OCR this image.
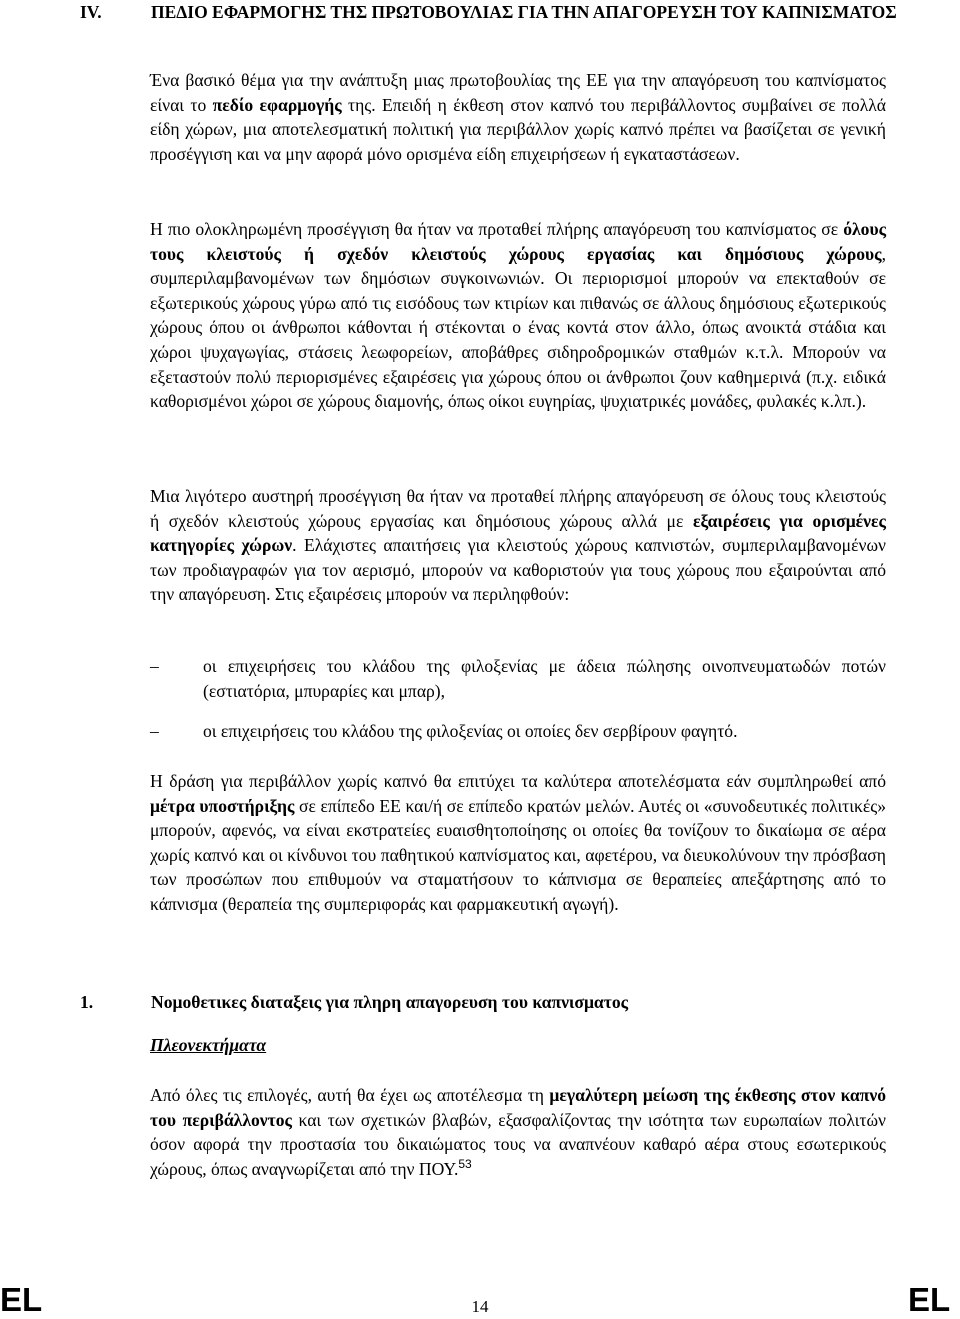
IV.	ΠΕΔΙΟ ΕΦΑΡΜΟΓΗΣ ΤΗΣ ΠΡΩΤΟΒΟΥΛΙΑΣ ΓΙΑ ΤΗΝ ΑΠΑΓΟΡΕΥΣΗ ΤΟΥ ΚΑΠΝΙΣΜΑΤΟΣ

Ένα βασικό θέμα για την ανάπτυξη μιας πρωτοβουλίας της ΕΕ για την απαγόρευση του καπνίσματος είναι το πεδίο εφαρμογής της. Επειδή η έκθεση στον καπνό του περιβάλλοντος συμβαίνει σε πολλά είδη χώρων, μια αποτελεσματική πολιτική για περιβάλλον χωρίς καπνό πρέπει να βασίζεται σε γενική προσέγγιση και να μην αφορά μόνο ορισμένα είδη επιχειρήσεων ή εγκαταστάσεων.

Η πιο ολοκληρωμένη προσέγγιση θα ήταν να προταθεί πλήρης απαγόρευση του καπνίσματος σε όλους τους κλειστούς ή σχεδόν κλειστούς χώρους εργασίας και δημόσιους χώρους, συμπεριλαμβανομένων των δημόσιων συγκοινωνιών. Οι περιορισμοί μπορούν να επεκταθούν σε εξωτερικούς χώρους γύρω από τις εισόδους των κτιρίων και πιθανώς σε άλλους δημόσιους εξωτερικούς χώρους όπου οι άνθρωποι κάθονται ή στέκονται ο ένας κοντά στον άλλο, όπως ανοικτά στάδια και χώροι ψυχαγωγίας, στάσεις λεωφορείων, αποβάθρες σιδηροδρομικών σταθμών κ.τ.λ. Μπορούν να εξεταστούν πολύ περιορισμένες εξαιρέσεις για χώρους όπου οι άνθρωποι ζουν καθημερινά (π.χ. ειδικά καθορισμένοι χώροι σε χώρους διαμονής, όπως οίκοι ευγηρίας, ψυχιατρικές μονάδες, φυλακές κ.λπ.).

Μια λιγότερο αυστηρή προσέγγιση θα ήταν να προταθεί πλήρης απαγόρευση σε όλους τους κλειστούς ή σχεδόν κλειστούς χώρους εργασίας και δημόσιους χώρους αλλά με εξαιρέσεις για ορισμένες κατηγορίες χώρων. Ελάχιστες απαιτήσεις για κλειστούς χώρους καπνιστών, συμπεριλαμβανομένων των προδιαγραφών για τον αερισμό, μπορούν να καθοριστούν για τους χώρους που εξαιρούνται από την απαγόρευση. Στις εξαιρέσεις μπορούν να περιληφθούν:

–	οι επιχειρήσεις του κλάδου της φιλοξενίας με άδεια πώλησης οινοπνευματωδών ποτών (εστιατόρια, μπυραρίες και μπαρ),
–	οι επιχειρήσεις του κλάδου της φιλοξενίας οι οποίες δεν σερβίρουν φαγητό.

Η δράση για περιβάλλον χωρίς καπνό θα επιτύχει τα καλύτερα αποτελέσματα εάν συμπληρωθεί από μέτρα υποστήριξης σε επίπεδο ΕΕ και/ή σε επίπεδο κρατών μελών. Αυτές οι «συνοδευτικές πολιτικές» μπορούν, αφενός, να είναι εκστρατείες ευαισθητοποίησης οι οποίες θα τονίζουν το δικαίωμα σε αέρα χωρίς καπνό και οι κίνδυνοι του παθητικού καπνίσματος και, αφετέρου, να διευκολύνουν την πρόσβαση των προσώπων που επιθυμούν να σταματήσουν το κάπνισμα σε θεραπείες απεξάρτησης από το κάπνισμα (θεραπεία της συμπεριφοράς και φαρμακευτική αγωγή).

1.	Νομοθετικες διαταξεις για πληρη απαγορευση του καπνισματος
Πλεονεκτήματα

Από όλες τις επιλογές, αυτή θα έχει ως αποτέλεσμα τη μεγαλύτερη μείωση της έκθεσης στον καπνό του περιβάλλοντος και των σχετικών βλαβών, εξασφαλίζοντας την ισότητα των ευρωπαίων πολιτών όσον αφορά την προστασία του δικαιώματος τους να αναπνέουν καθαρό αέρα στους εσωτερικούς χώρους, όπως αναγνωρίζεται από την ΠΟΥ.$^{53}$

EL	14	EL
